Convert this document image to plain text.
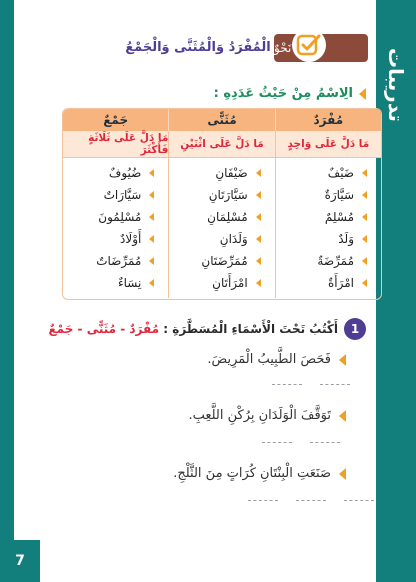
تدريبات
7
نَحْوٌ
الْمُفْرَدُ وَالْمُثَنَّى وَالْجَمْعُ
الِاسْمُ مِنْ حَيْثُ عَدَدِهِ :
مُفْرَدٌ
مُثَنًّى
جَمْعٌ
مَا دَلَّ عَلَى وَاحِدٍ
مَا دَلَّ عَلَى اثْنَيْنِ
مَا دَلَّ عَلَى ثَلَاثَةٍ فَأَكْثَرَ
ضَيْفٌ
سَيَّارَةٌ
مُسْلِمٌ
وَلَدٌ
مُمَرِّضَةٌ
امْرَأَةٌ
ضَيْفَانِ
سَيَّارَتَانِ
مُسْلِمَانِ
وَلَدَانِ
مُمَرِّضَتَانِ
امْرَأَتَانِ
ضُيُوفٌ
سَيَّارَاتٌ
مُسْلِمُونَ
أَوْلَادٌ
مُمَرِّضَاتٌ
نِسَاءٌ
1
أَكْتُبُ تَحْتَ الْأَسْمَاءِ الْمُسَطَّرَةِ : مُفْرَدٌ - مُثَنًّى - جَمْعٌ
فَحَصَ الطَّبِيبُ الْمَرِيضَ.
تَوَقَّفَ الْوَلَدَانِ بِرُكْنِ اللَّعِبِ.
صَنَعَتِ الْبِنْتَانِ كُرَاتٍ مِنَ الثَّلْجِ.
